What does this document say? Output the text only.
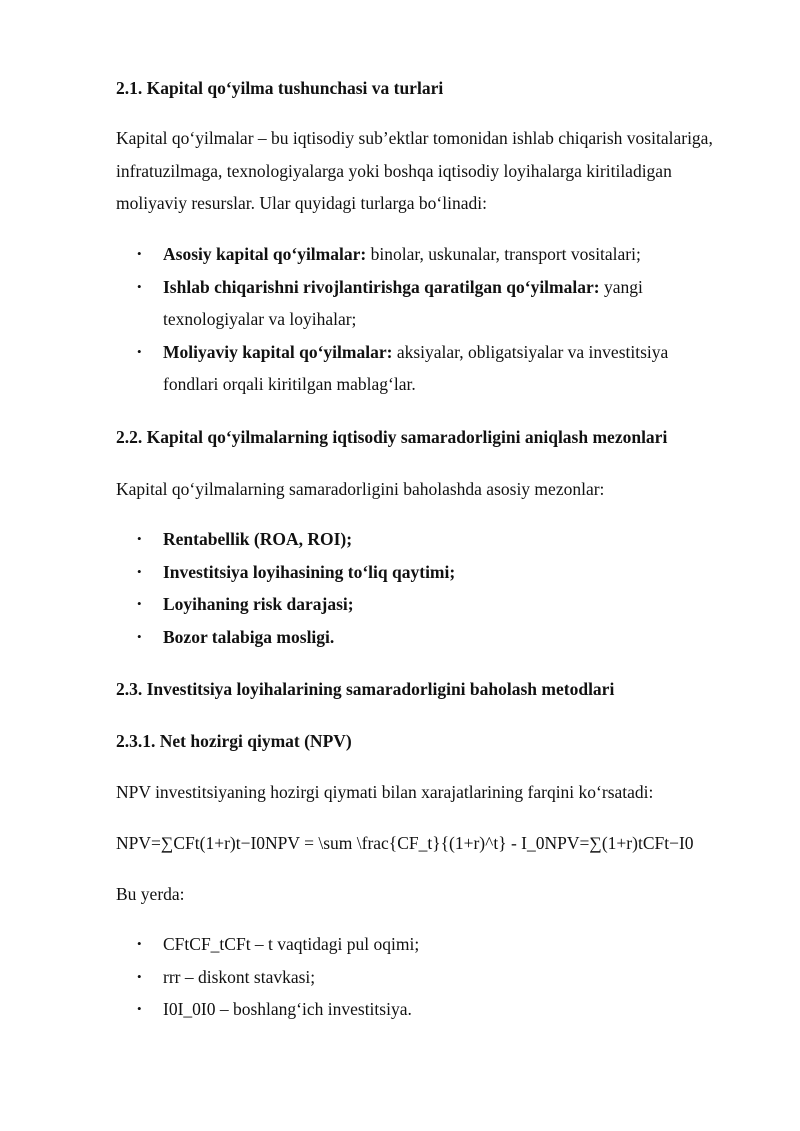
2.1. Kapital qo‘yilma tushunchasi va turlari
Kapital qo‘yilmalar – bu iqtisodiy sub’ektlar tomonidan ishlab chiqarish vositalariga, infratuzilmaga, texnologiyalarga yoki boshqa iqtisodiy loyihalarga kiritiladigan moliyaviy resurslar. Ular quyidagi turlarga bo‘linadi:
• Asosiy kapital qo‘yilmalar: binolar, uskunalar, transport vositalari;
• Ishlab chiqarishni rivojlantirishga qaratilgan qo‘yilmalar: yangi texnologiyalar va loyihalar;
• Moliyaviy kapital qo‘yilmalar: aksiyalar, obligatsiyalar va investitsiya fondlari orqali kiritilgan mablag‘lar.
2.2. Kapital qo‘yilmalarning iqtisodiy samaradorligini aniqlash mezonlari
Kapital qo‘yilmalarning samaradorligini baholashda asosiy mezonlar:
• Rentabellik (ROA, ROI);
• Investitsiya loyihasining to‘liq qaytimi;
• Loyihaning risk darajasi;
• Bozor talabiga mosligi.
2.3. Investitsiya loyihalarining samaradorligini baholash metodlari
2.3.1. Net hozirgi qiymat (NPV)
NPV investitsiyaning hozirgi qiymati bilan xarajatlarining farqini ko‘rsatadi:
NPV=∑CFt(1+r)t−I0NPV = \sum \frac{CF_t}{(1+r)^t} - I_0NPV=∑(1+r)tCFt−I0
Bu yerda:
• CFtCF_tCFt – t vaqtidagi pul oqimi;
• rrr – diskont stavkasi;
• I0I_0I0 – boshlang‘ich investitsiya.
